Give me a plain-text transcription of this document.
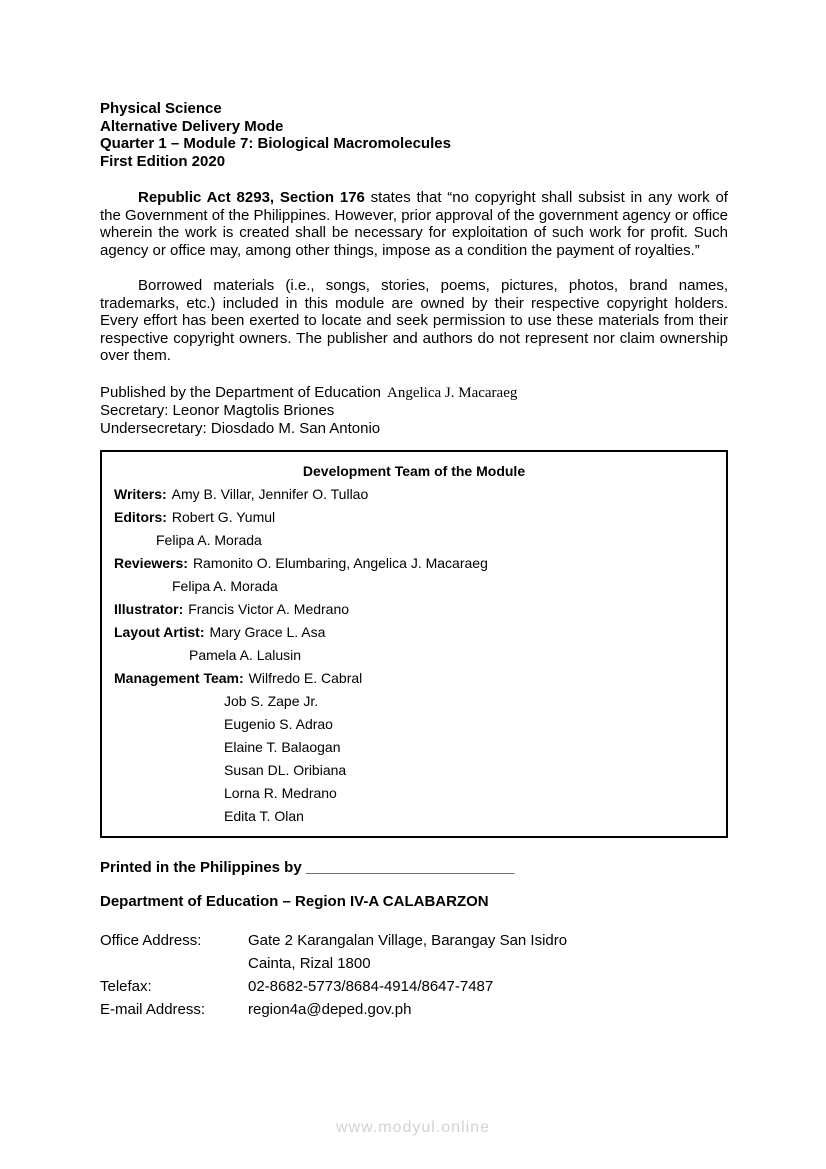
Physical Science
Alternative Delivery Mode
Quarter 1 – Module 7: Biological Macromolecules
First Edition 2020

Republic Act 8293, Section 176 states that “no copyright shall subsist in any work of the Government of the Philippines. However, prior approval of the government agency or office wherein the work is created shall be necessary for exploitation of such work for profit. Such agency or office may, among other things, impose as a condition the payment of royalties.”

Borrowed materials (i.e., songs, stories, poems, pictures, photos, brand names, trademarks, etc.) included in this module are owned by their respective copyright holders. Every effort has been exerted to locate and seek permission to use these materials from their respective copyright owners. The publisher and authors do not represent nor claim ownership over them.

Published by the Department of Education Angelica J. Macaraeg
Secretary: Leonor Magtolis Briones
Undersecretary: Diosdado M. San Antonio
Development Team of the Module
Writers: Amy B. Villar, Jennifer O. Tullao
Editors: Robert G. Yumul
Felipa A. Morada
Reviewers: Ramonito O. Elumbaring, Angelica J. Macaraeg
Felipa A. Morada
Illustrator: Francis Victor A. Medrano
Layout Artist: Mary Grace L. Asa
Pamela A. Lalusin
Management Team: Wilfredo E. Cabral
Job S. Zape Jr.
Eugenio S. Adrao
Elaine T. Balaogan
Susan DL. Oribiana
Lorna R. Medrano
Edita T. Olan
Printed in the Philippines by _________________________
Department of Education – Region IV-A CALABARZON
Office Address:	Gate 2 Karangalan Village, Barangay San Isidro
Cainta, Rizal 1800
Telefax:	02-8682-5773/8684-4914/8647-7487
E-mail Address:	region4a@deped.gov.ph
www.modyul.online
